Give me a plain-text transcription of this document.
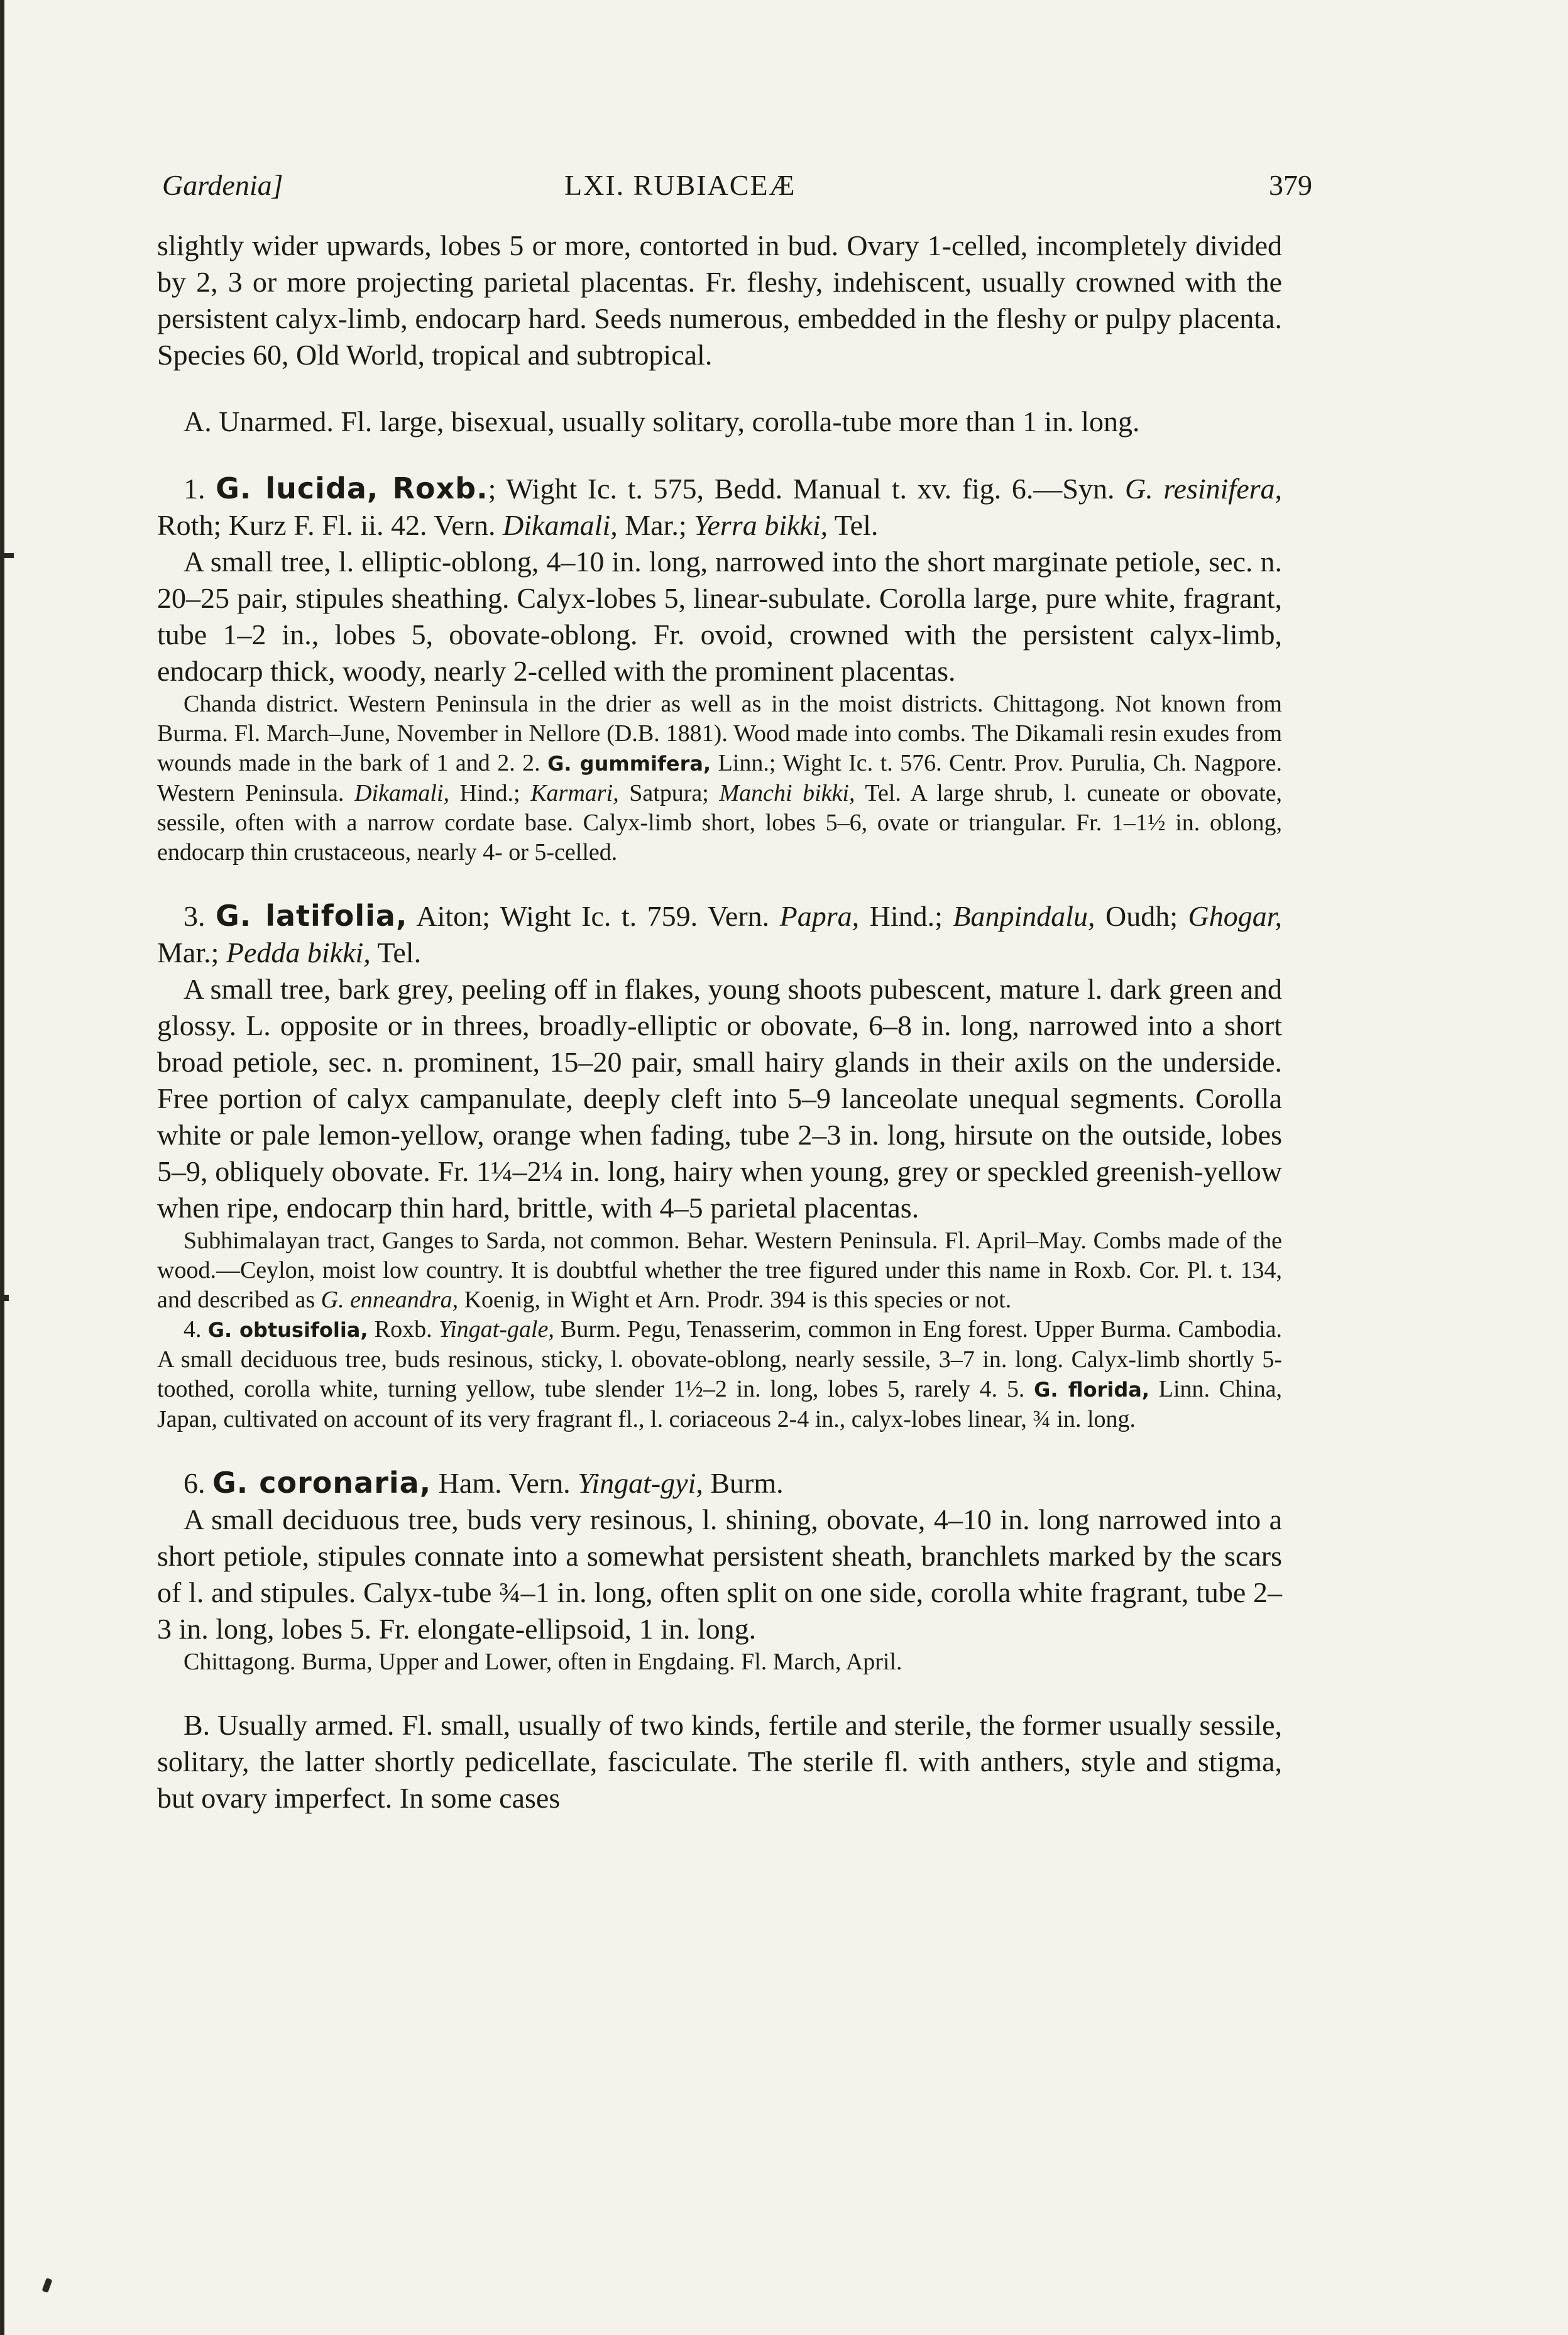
Gardenia]	LXI. RUBIACEÆ	379

slightly wider upwards, lobes 5 or more, contorted in bud. Ovary 1-celled, incompletely divided by 2, 3 or more projecting parietal placentas. Fr. fleshy, indehiscent, usually crowned with the persistent calyx-limb, endocarp hard. Seeds numerous, embedded in the fleshy or pulpy placenta. Species 60, Old World, tropical and subtropical.

A. Unarmed. Fl. large, bisexual, usually solitary, corolla-tube more than 1 in. long.

1. G. lucida, Roxb.; Wight Ic. t. 575, Bedd. Manual t. xv. fig. 6.—Syn. G. resinifera, Roth; Kurz F. Fl. ii. 42. Vern. Dikamali, Mar.; Yerra bikki, Tel.

A small tree, l. elliptic-oblong, 4–10 in. long, narrowed into the short marginate petiole, sec. n. 20–25 pair, stipules sheathing. Calyx-lobes 5, linear-subulate. Corolla large, pure white, fragrant, tube 1–2 in., lobes 5, obovate-oblong. Fr. ovoid, crowned with the persistent calyx-limb, endocarp thick, woody, nearly 2-celled with the prominent placentas.

Chanda district. Western Peninsula in the drier as well as in the moist districts. Chittagong. Not known from Burma. Fl. March–June, November in Nellore (D.B. 1881). Wood made into combs. The Dikamali resin exudes from wounds made in the bark of 1 and 2. 2. G. gummifera, Linn.; Wight Ic. t. 576. Centr. Prov. Purulia, Ch. Nagpore. Western Peninsula. Dikamali, Hind.; Karmari, Satpura; Manchi bikki, Tel. A large shrub, l. cuneate or obovate, sessile, often with a narrow cordate base. Calyx-limb short, lobes 5–6, ovate or triangular. Fr. 1–1½ in. oblong, endocarp thin crustaceous, nearly 4- or 5-celled.

3. G. latifolia, Aiton; Wight Ic. t. 759. Vern. Papra, Hind.; Banpindalu, Oudh; Ghogar, Mar.; Pedda bikki, Tel.

A small tree, bark grey, peeling off in flakes, young shoots pubescent, mature l. dark green and glossy. L. opposite or in threes, broadly-elliptic or obovate, 6–8 in. long, narrowed into a short broad petiole, sec. n. prominent, 15–20 pair, small hairy glands in their axils on the underside. Free portion of calyx campanulate, deeply cleft into 5–9 lanceolate unequal segments. Corolla white or pale lemon-yellow, orange when fading, tube 2–3 in. long, hirsute on the outside, lobes 5–9, obliquely obovate. Fr. 1¼–2¼ in. long, hairy when young, grey or speckled greenish-yellow when ripe, endocarp thin hard, brittle, with 4–5 parietal placentas.

Subhimalayan tract, Ganges to Sarda, not common. Behar. Western Peninsula. Fl. April–May. Combs made of the wood.—Ceylon, moist low country. It is doubtful whether the tree figured under this name in Roxb. Cor. Pl. t. 134, and described as G. enneandra, Koenig, in Wight et Arn. Prodr. 394 is this species or not.

4. G. obtusifolia, Roxb. Yingat-gale, Burm. Pegu, Tenasserim, common in Eng forest. Upper Burma. Cambodia. A small deciduous tree, buds resinous, sticky, l. obovate-oblong, nearly sessile, 3–7 in. long. Calyx-limb shortly 5-toothed, corolla white, turning yellow, tube slender 1½–2 in. long, lobes 5, rarely 4. 5. G. florida, Linn. China, Japan, cultivated on account of its very fragrant fl., l. coriaceous 2-4 in., calyx-lobes linear, ¾ in. long.

6. G. coronaria, Ham. Vern. Yingat-gyi, Burm.

A small deciduous tree, buds very resinous, l. shining, obovate, 4–10 in. long narrowed into a short petiole, stipules connate into a somewhat persistent sheath, branchlets marked by the scars of l. and stipules. Calyx-tube ¾–1 in. long, often split on one side, corolla white fragrant, tube 2–3 in. long, lobes 5. Fr. elongate-ellipsoid, 1 in. long.

Chittagong. Burma, Upper and Lower, often in Engdaing. Fl. March, April.

B. Usually armed. Fl. small, usually of two kinds, fertile and sterile, the former usually sessile, solitary, the latter shortly pedicellate, fasciculate. The sterile fl. with anthers, style and stigma, but ovary imperfect. In some cases
